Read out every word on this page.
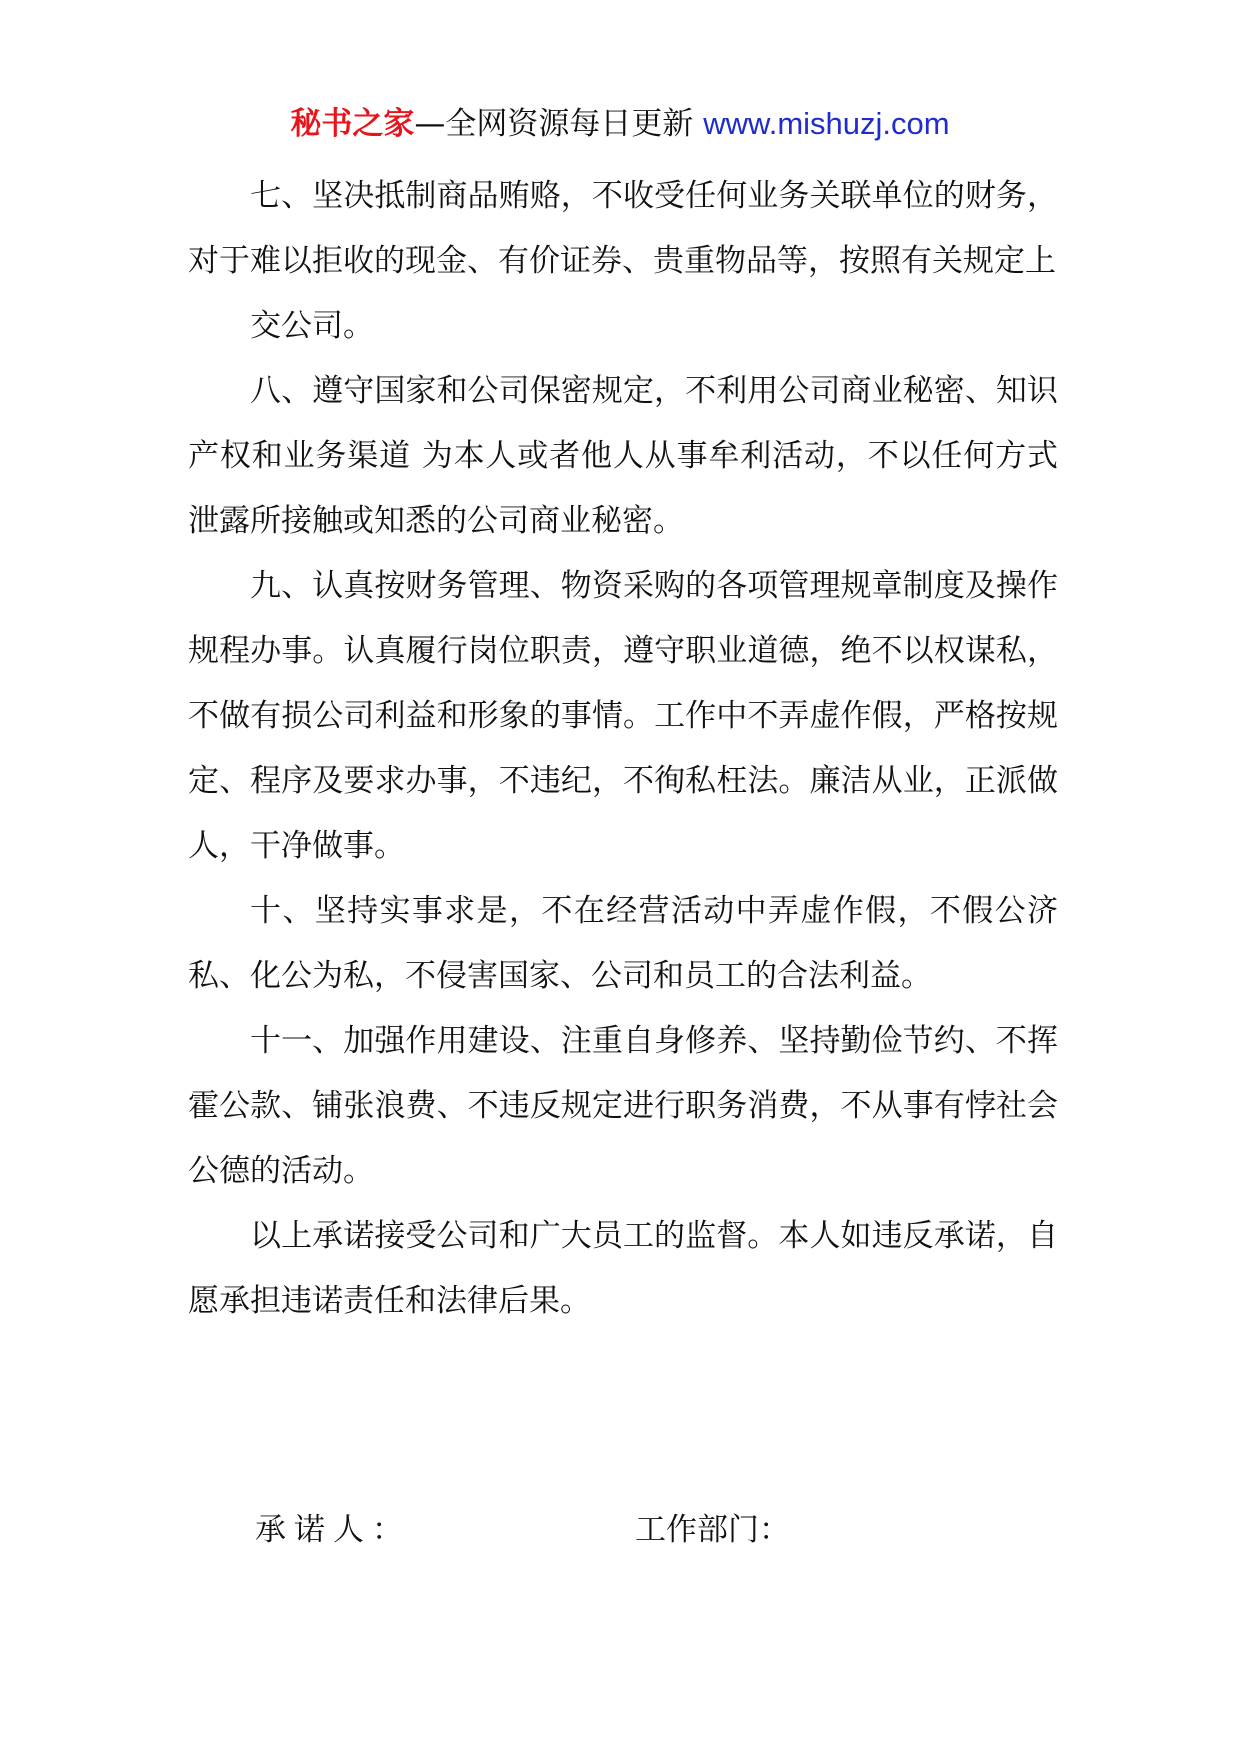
秘书之家—全网资源每日更新 www.mishuzj.com

七、坚决抵制商品贿赂，不收受任何业务关联单位的财务，对于难以拒收的现金、有价证券、贵重物品等，按照有关规定上

交公司。

八、遵守国家和公司保密规定，不利用公司商业秘密、知识产权和业务渠道 为本人或者他人从事牟利活动，不以任何方式泄露所接触或知悉的公司商业秘密。

九、认真按财务管理、物资采购的各项管理规章制度及操作规程办事。认真履行岗位职责，遵守职业道德，绝不以权谋私，不做有损公司利益和形象的事情。工作中不弄虚作假，严格按规定、程序及要求办事，不违纪，不徇私枉法。廉洁从业，正派做人，干净做事。

十、坚持实事求是，不在经营活动中弄虚作假，不假公济私、化公为私，不侵害国家、公司和员工的合法利益。

十一、加强作用建设、注重自身修养、坚持勤俭节约、不挥霍公款、铺张浪费、不违反规定进行职务消费，不从事有悖社会公德的活动。

以上承诺接受公司和广大员工的监督。本人如违反承诺，自愿承担违诺责任和法律后果。

承诺人：	工作部门：
